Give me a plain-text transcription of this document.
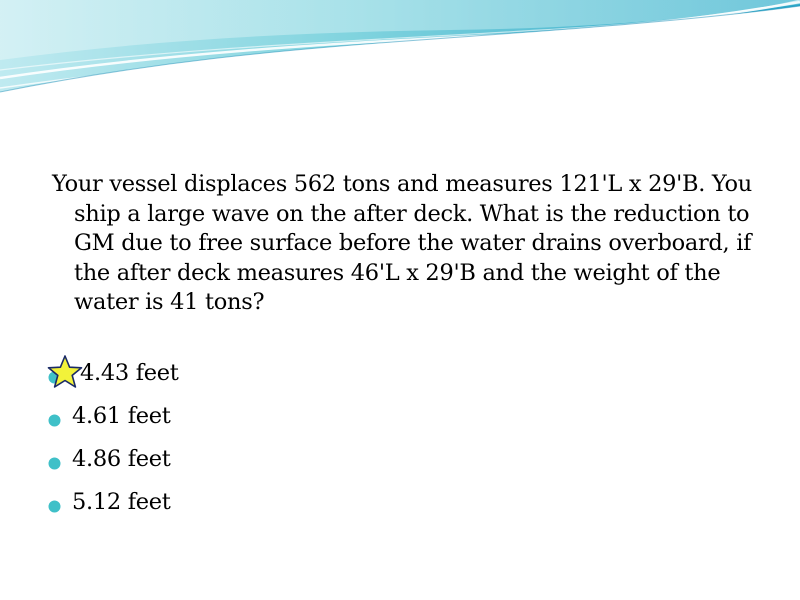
Your vessel displaces 562 tons and measures 121'L x 29'B. You ship a large wave on the after deck. What is the reduction to GM due to free surface before the water drains overboard, if the after deck measures 46'L x 29'B and the weight of the water is 41 tons?

4.43 feet
4.61 feet
4.86 feet
5.12 feet
